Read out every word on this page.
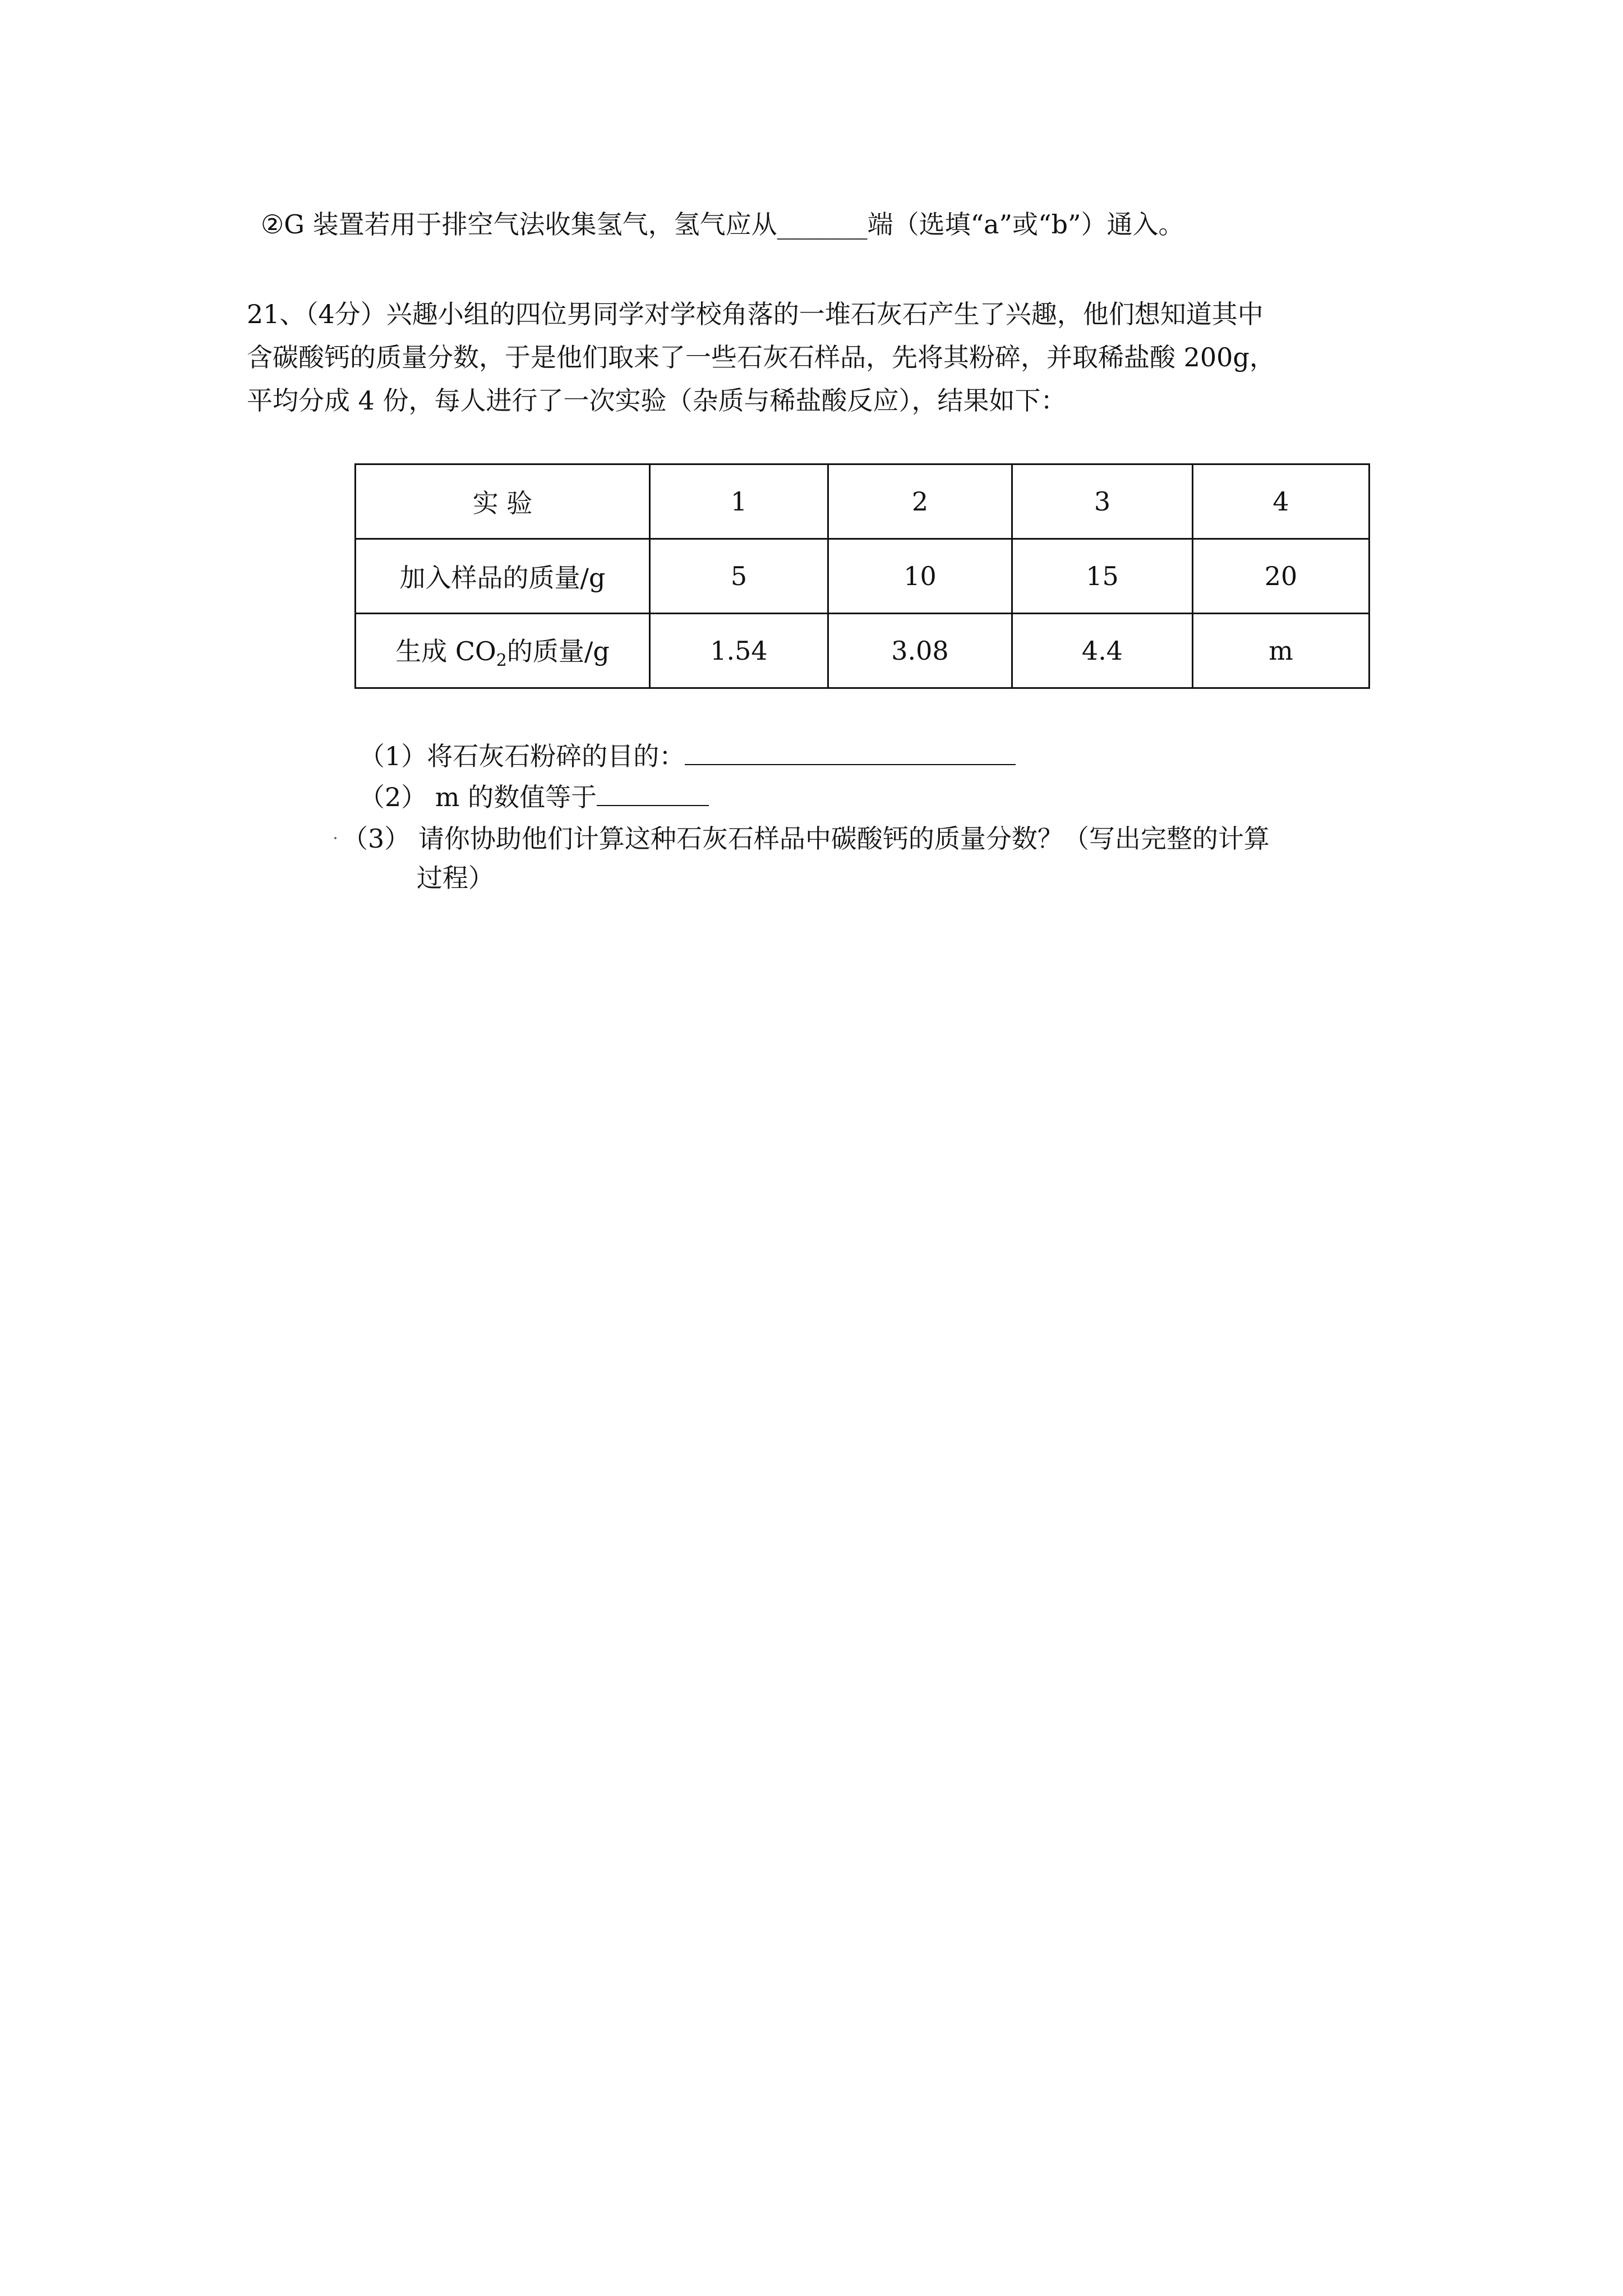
②G 装置若用于排空气法收集氢气，氢气应从_______端（选填“a”或“b”）通入。
21、（4分）兴趣小组的四位男同学对学校角落的一堆石灰石产生了兴趣，他们想知道其中
含碳酸钙的质量分数，于是他们取来了一些石灰石样品，先将其粉碎，并取稀盐酸 200g，
平均分成 4 份，每人进行了一次实验（杂质与稀盐酸反应），结果如下：
实 验	1	2	3	4
加入样品的质量/g	5	10	15	20
生成 $CO_2$的质量/g	1.54	3.08	4.4	m
（1）将石灰石粉碎的目的：
（2） m 的数值等于
（3） 请你协助他们计算这种石灰石样品中碳酸钙的质量分数？（写出完整的计算
过程）
